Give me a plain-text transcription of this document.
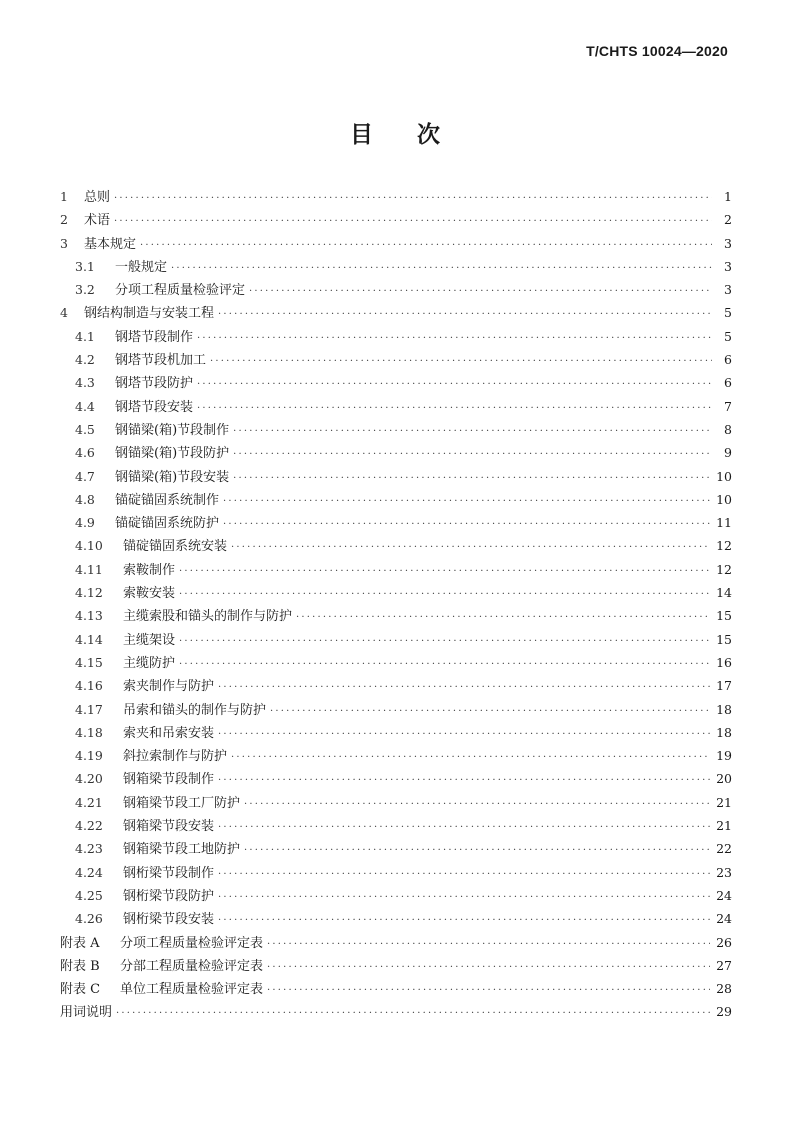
T/CHTS 10024—2020
目 次
1	总则 ·····	1
2	术语 ·····	2
3	基本规定 ·····	3
3.1	一般规定 ·····	3
3.2	分项工程质量检验评定 ·····	3
4	钢结构制造与安装工程 ·····	5
4.1	钢塔节段制作 ·····	5
4.2	钢塔节段机加工 ·····	6
4.3	钢塔节段防护 ·····	6
4.4	钢塔节段安装 ·····	7
4.5	钢锚梁(箱)节段制作 ·····	8
4.6	钢锚梁(箱)节段防护 ·····	9
4.7	钢锚梁(箱)节段安装 ·····	10
4.8	锚碇锚固系统制作 ·····	10
4.9	锚碇锚固系统防护 ·····	11
4.10	锚碇锚固系统安装 ·····	12
4.11	索鞍制作 ·····	12
4.12	索鞍安装 ·····	14
4.13	主缆索股和锚头的制作与防护 ·····	15
4.14	主缆架设 ·····	15
4.15	主缆防护 ·····	16
4.16	索夹制作与防护 ·····	17
4.17	吊索和锚头的制作与防护 ·····	18
4.18	索夹和吊索安装 ·····	18
4.19	斜拉索制作与防护 ·····	19
4.20	钢箱梁节段制作 ·····	20
4.21	钢箱梁节段工厂防护 ·····	21
4.22	钢箱梁节段安装 ·····	21
4.23	钢箱梁节段工地防护 ·····	22
4.24	钢桁梁节段制作 ·····	23
4.25	钢桁梁节段防护 ·····	24
4.26	钢桁梁节段安装 ·····	24
附表 A	分项工程质量检验评定表 ·····	26
附表 B	分部工程质量检验评定表 ·····	27
附表 C	单位工程质量检验评定表 ·····	28
用词说明 ·····	29
